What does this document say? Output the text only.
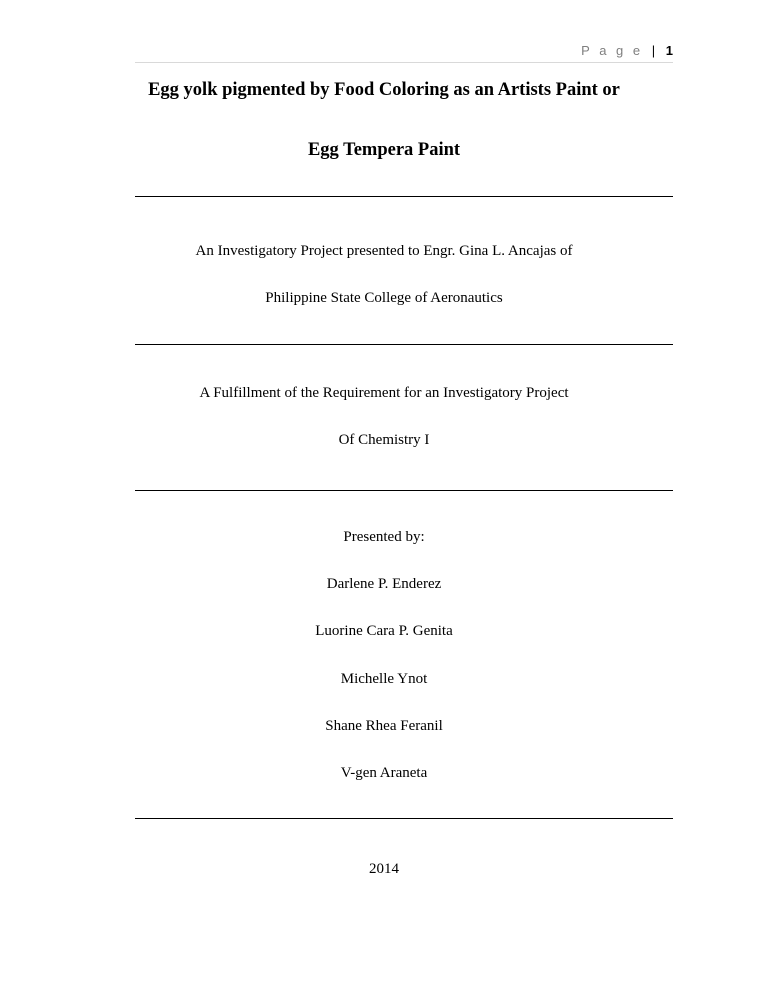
P a g e | 1
Egg yolk pigmented by Food Coloring as an Artists Paint or
Egg Tempera Paint
An Investigatory Project presented to Engr. Gina L. Ancajas of
Philippine State College of Aeronautics
A Fulfillment of the Requirement for an Investigatory Project
Of Chemistry I
Presented by:
Darlene P. Enderez
Luorine Cara P. Genita
Michelle Ynot
Shane Rhea Feranil
V-gen Araneta
2014
